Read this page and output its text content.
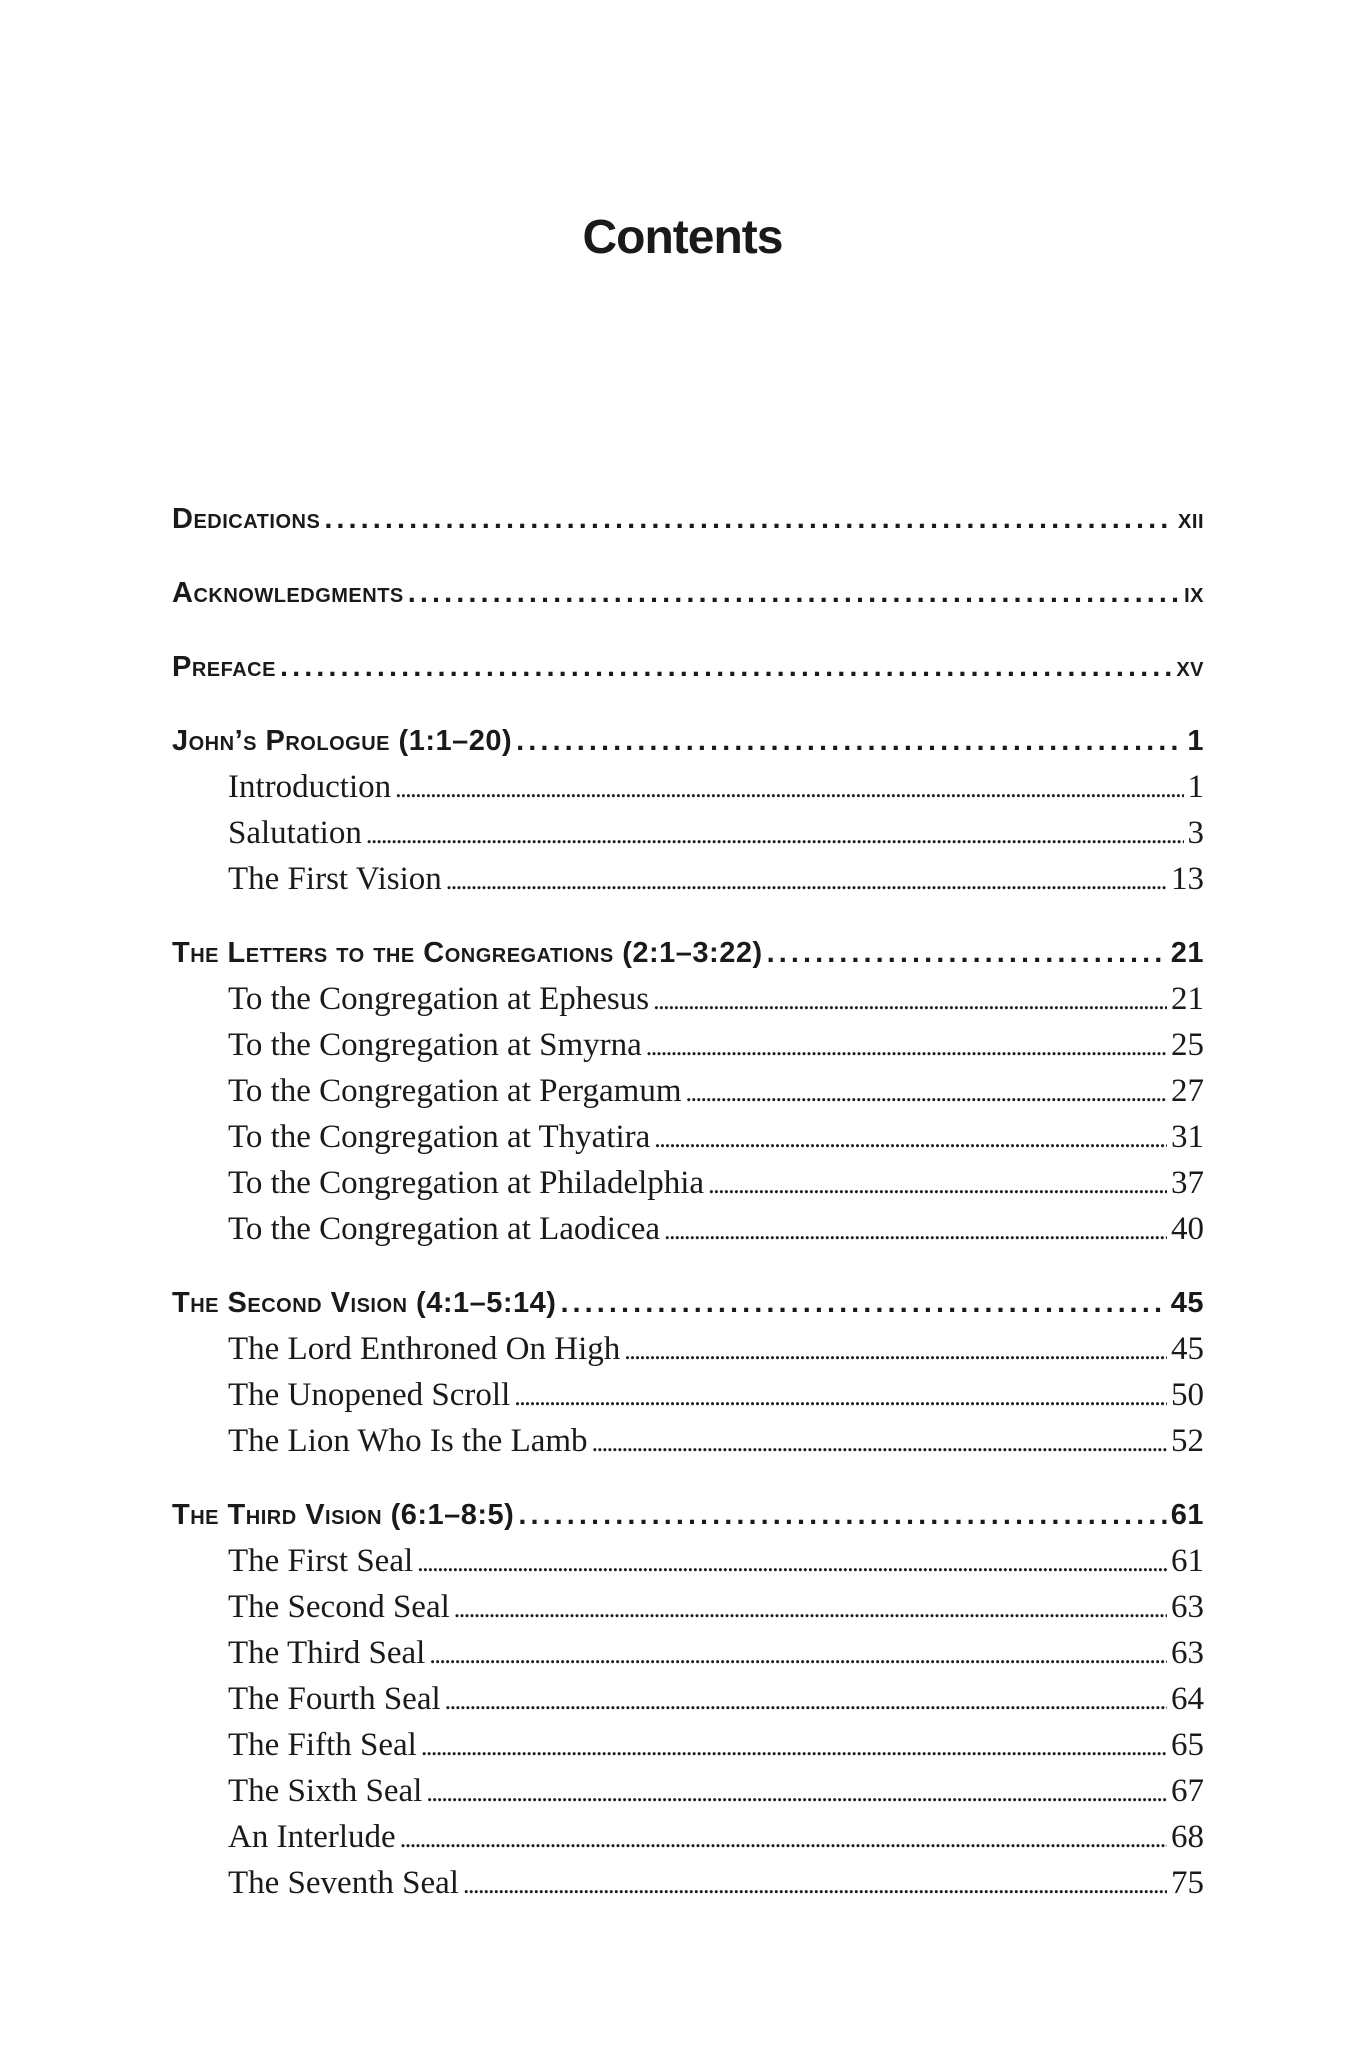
Contents
Dedications . . .	xii
Acknowledgments . . .	ix
Preface . . .	xv
John’s Prologue (1:1–20) . . .	1
Introduction . . .	1
Salutation . . .	3
The First Vision . . .	13
The Letters to the Congregations (2:1–3:22) . . .	21
To the Congregation at Ephesus . . .	21
To the Congregation at Smyrna . . .	25
To the Congregation at Pergamum . . .	27
To the Congregation at Thyatira . . .	31
To the Congregation at Philadelphia . . .	37
To the Congregation at Laodicea . . .	40
The Second Vision (4:1–5:14) . . .	45
The Lord Enthroned On High . . .	45
The Unopened Scroll . . .	50
The Lion Who Is the Lamb . . .	52
The Third Vision (6:1–8:5) . . .	61
The First Seal . . .	61
The Second Seal . . .	63
The Third Seal . . .	63
The Fourth Seal . . .	64
The Fifth Seal . . .	65
The Sixth Seal . . .	67
An Interlude . . .	68
The Seventh Seal . . .	75
